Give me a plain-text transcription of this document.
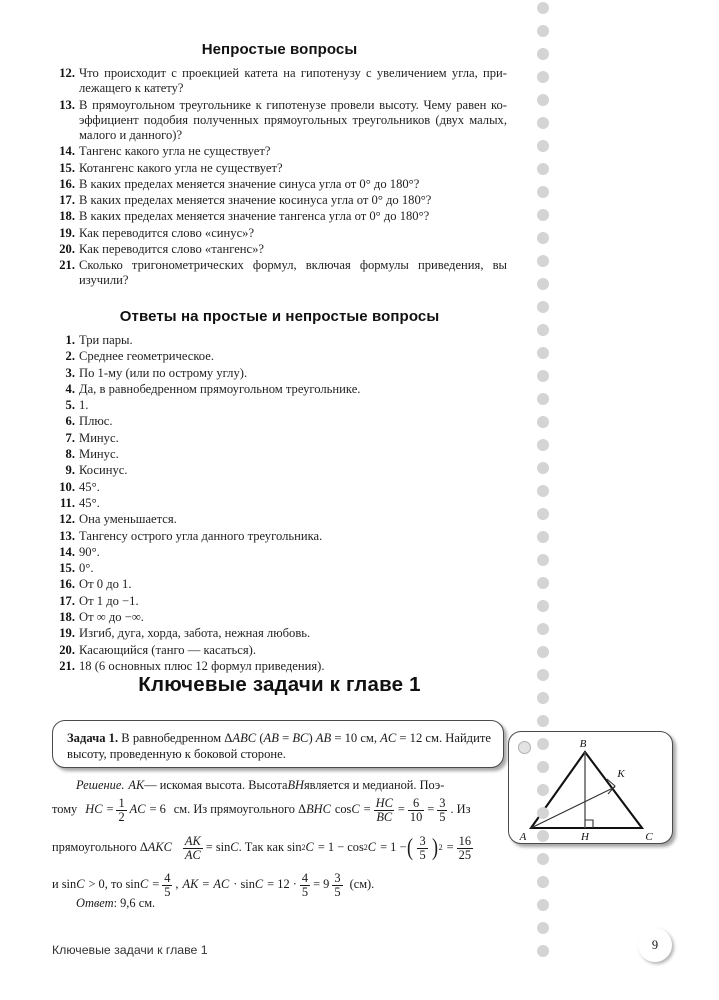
Непростые вопросы
12. Что происходит с проекцией катета на гипотенузу с увеличением угла, при-лежащего к катету?
13. В прямоугольном треугольнике к гипотенузе провели высоту. Чему равен ко-эффициент подобия полученных прямоугольных треугольников (двух малых, малого и данного)?
14. Тангенс какого угла не существует?
15. Котангенс какого угла не существует?
16. В каких пределах меняется значение синуса угла от 0° до 180°?
17. В каких пределах меняется значение косинуса угла от 0° до 180°?
18. В каких пределах меняется значение тангенса угла от 0° до 180°?
19. Как переводится слово «синус»?
20. Как переводится слово «тангенс»?
21. Сколько тригонометрических формул, включая формулы приведения, вы изучили?
Ответы на простые и непростые вопросы
1. Три пары.
2. Среднее геометрическое.
3. По 1-му (или по острому углу).
4. Да, в равнобедренном прямоугольном треугольнике.
5. 1.
6. Плюс.
7. Минус.
8. Минус.
9. Косинус.
10. 45°.
11. 45°.
12. Она уменьшается.
13. Тангенсу острого угла данного треугольника.
14. 90°.
15. 0°.
16. От 0 до 1.
17. От 1 до −1.
18. От ∞ до −∞.
19. Изгиб, дуга, хорда, забота, нежная любовь.
20. Касающийся (танго — касаться).
21. 18 (6 основных плюс 12 формул приведения).
Ключевые задачи к главе 1
Задача 1. В равнобедренном ΔABC (AB = BC) AB = 10 см, AC = 12 см. Найдите высоту, проведенную к боковой стороне.
Решение. AK — искомая высота. Высота BH является и медианой. Поэ-
тому HC = $\frac{1}{2}$ AC = 6 см. Из прямоугольного Δ BHC $\cos C = \frac{HC}{BC} = \frac{6}{10} = \frac{3}{5}$ . Из
прямоугольного Δ AKC $\frac{AK}{AC} = \sin C$ . Так как sin 2 C = 1 − cos 2 C = 1 − ( $\frac{3}{5}$ ) $2 = \frac{16}{25}$
и sin C > 0, то $\sin C = \frac{4}{5}$ , AK = AC · $\sin C = 12 \cdot \frac{4}{5} = 9 \frac{3}{5} (см)$.
Ответ : 9,6 см.
Ключевые задачи к главе 1
B
A	C
H
K
9
